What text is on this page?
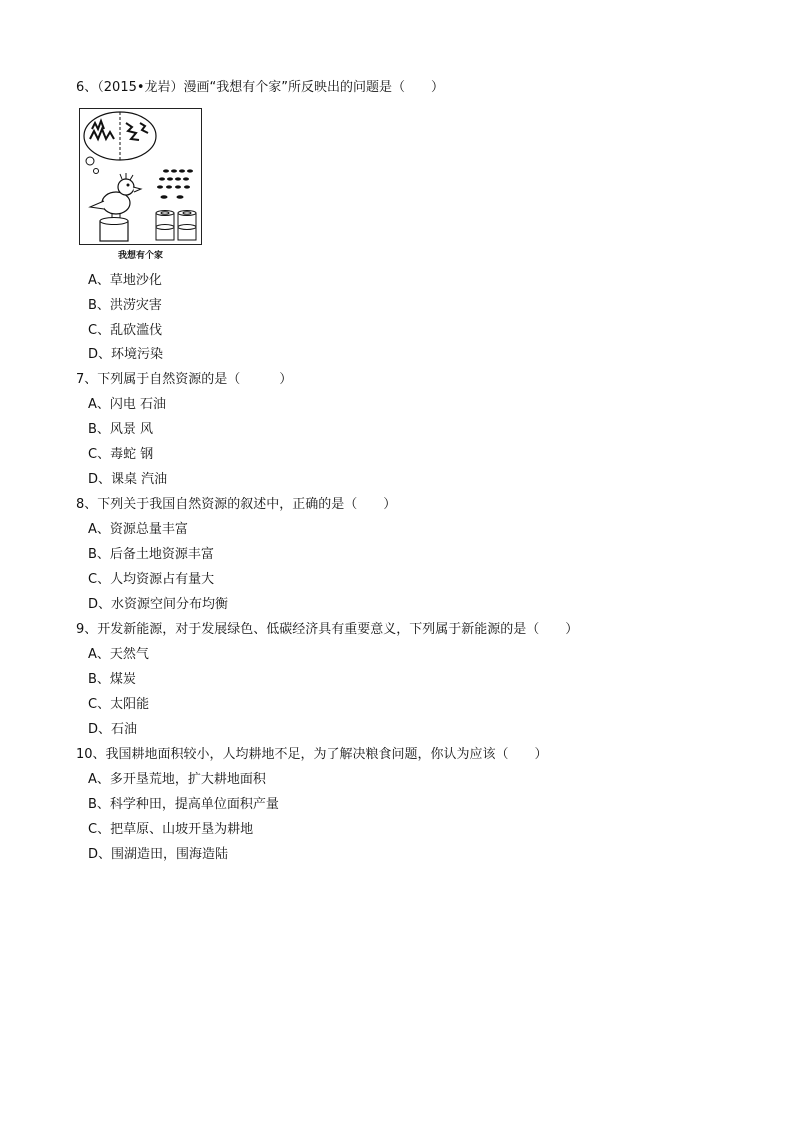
6、（2015•龙岩）漫画“我想有个家”所反映出的问题是（　　）
我想有个家
A、草地沙化
B、洪涝灾害
C、乱砍滥伐
D、环境污染
7、下列属于自然资源的是（　　　）
A、闪电 石油
B、风景 风
C、毒蛇 钢
D、课桌 汽油
8、下列关于我国自然资源的叙述中，正确的是（　　）
A、资源总量丰富
B、后备土地资源丰富
C、人均资源占有量大
D、水资源空间分布均衡
9、开发新能源，对于发展绿色、低碳经济具有重要意义，下列属于新能源的是（　　）
A、天然气
B、煤炭
C、太阳能
D、石油
10、我国耕地面积较小，人均耕地不足，为了解决粮食问题，你认为应该（　　）
A、多开垦荒地，扩大耕地面积
B、科学种田，提高单位面积产量
C、把草原、山坡开垦为耕地
D、围湖造田，围海造陆
